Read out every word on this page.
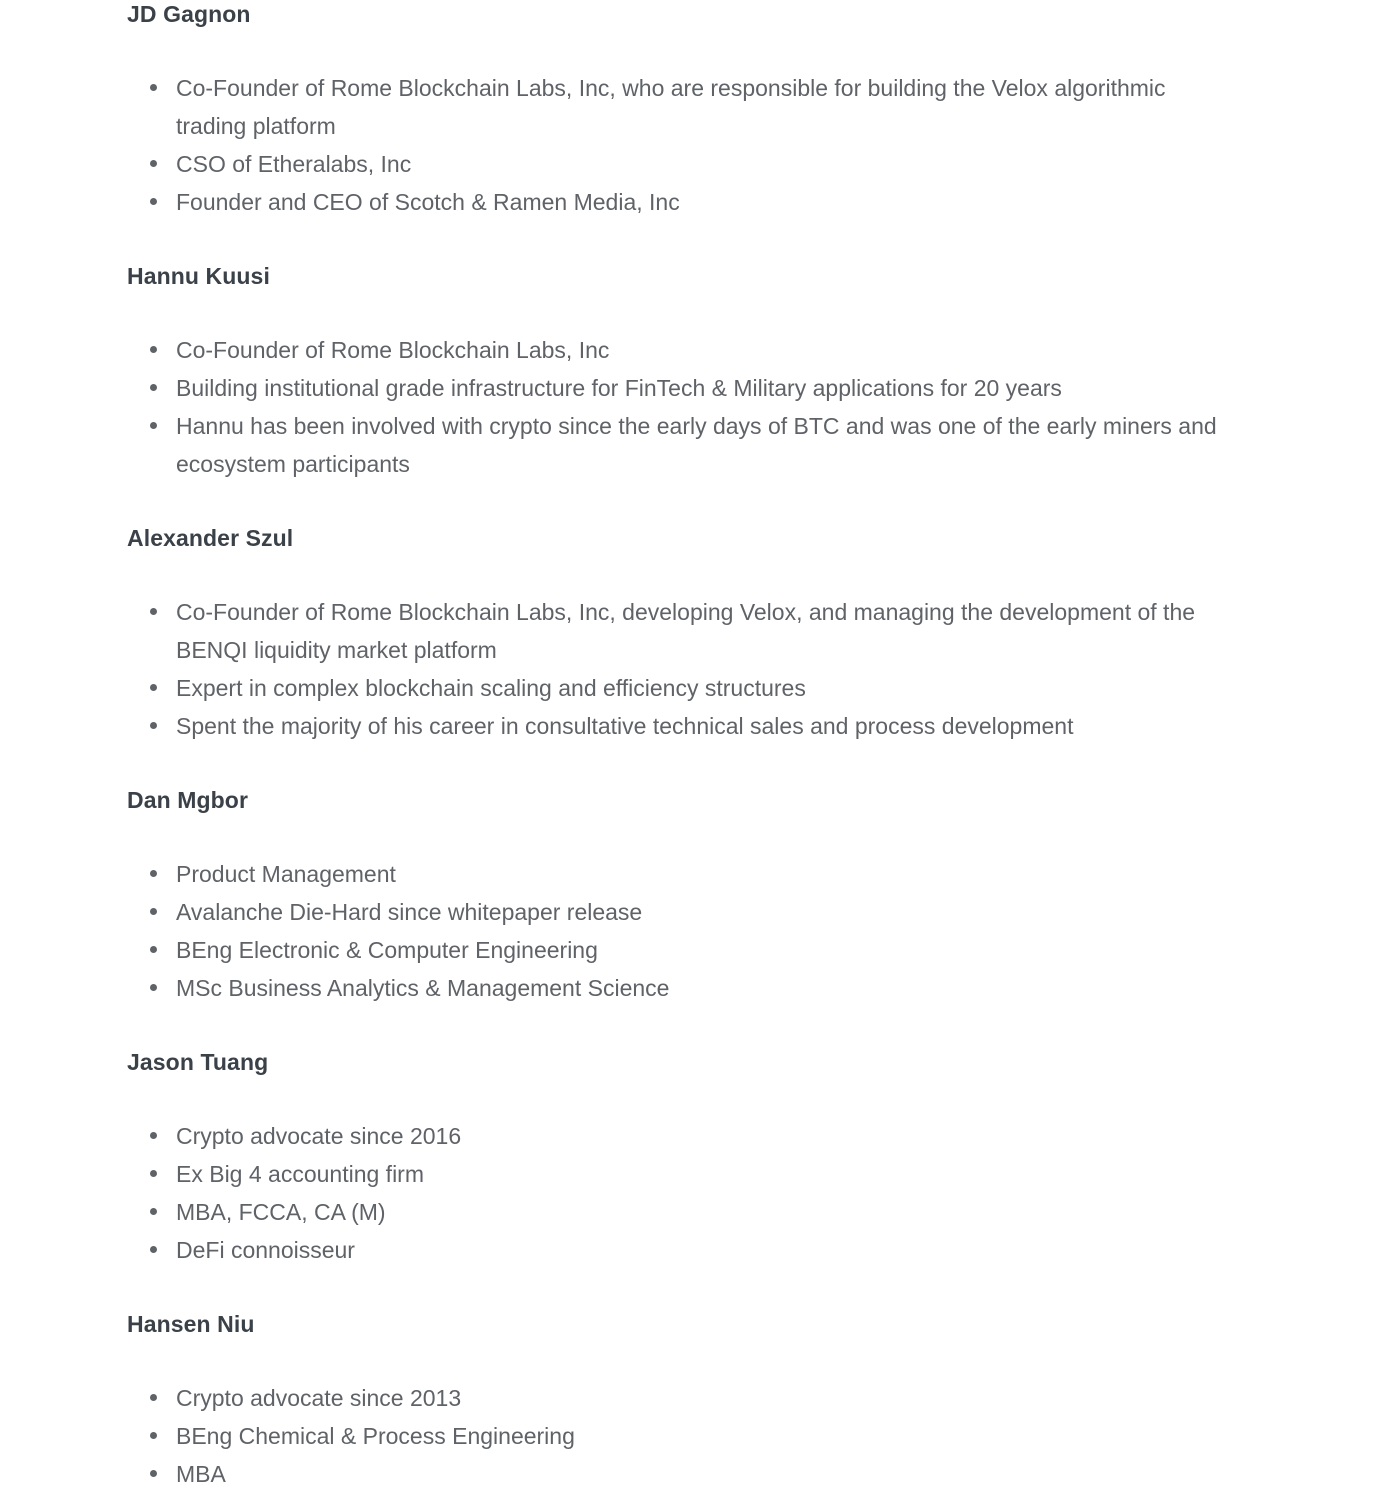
JD Gagnon
Co-Founder of Rome Blockchain Labs, Inc, who are responsible for building the Velox algorithmic trading platform
CSO of Etheralabs, Inc
Founder and CEO of Scotch & Ramen Media, Inc
Hannu Kuusi
Co-Founder of Rome Blockchain Labs, Inc
Building institutional grade infrastructure for FinTech & Military applications for 20 years
Hannu has been involved with crypto since the early days of BTC and was one of the early miners and ecosystem participants
Alexander Szul
Co-Founder of Rome Blockchain Labs, Inc, developing Velox, and managing the development of the BENQI liquidity market platform
Expert in complex blockchain scaling and efficiency structures
Spent the majority of his career in consultative technical sales and process development
Dan Mgbor
Product Management
Avalanche Die-Hard since whitepaper release
BEng Electronic & Computer Engineering
MSc Business Analytics & Management Science
Jason Tuang
Crypto advocate since 2016
Ex Big 4 accounting firm
MBA, FCCA, CA (M)
DeFi connoisseur
Hansen Niu
Crypto advocate since 2013
BEng Chemical & Process Engineering
MBA
